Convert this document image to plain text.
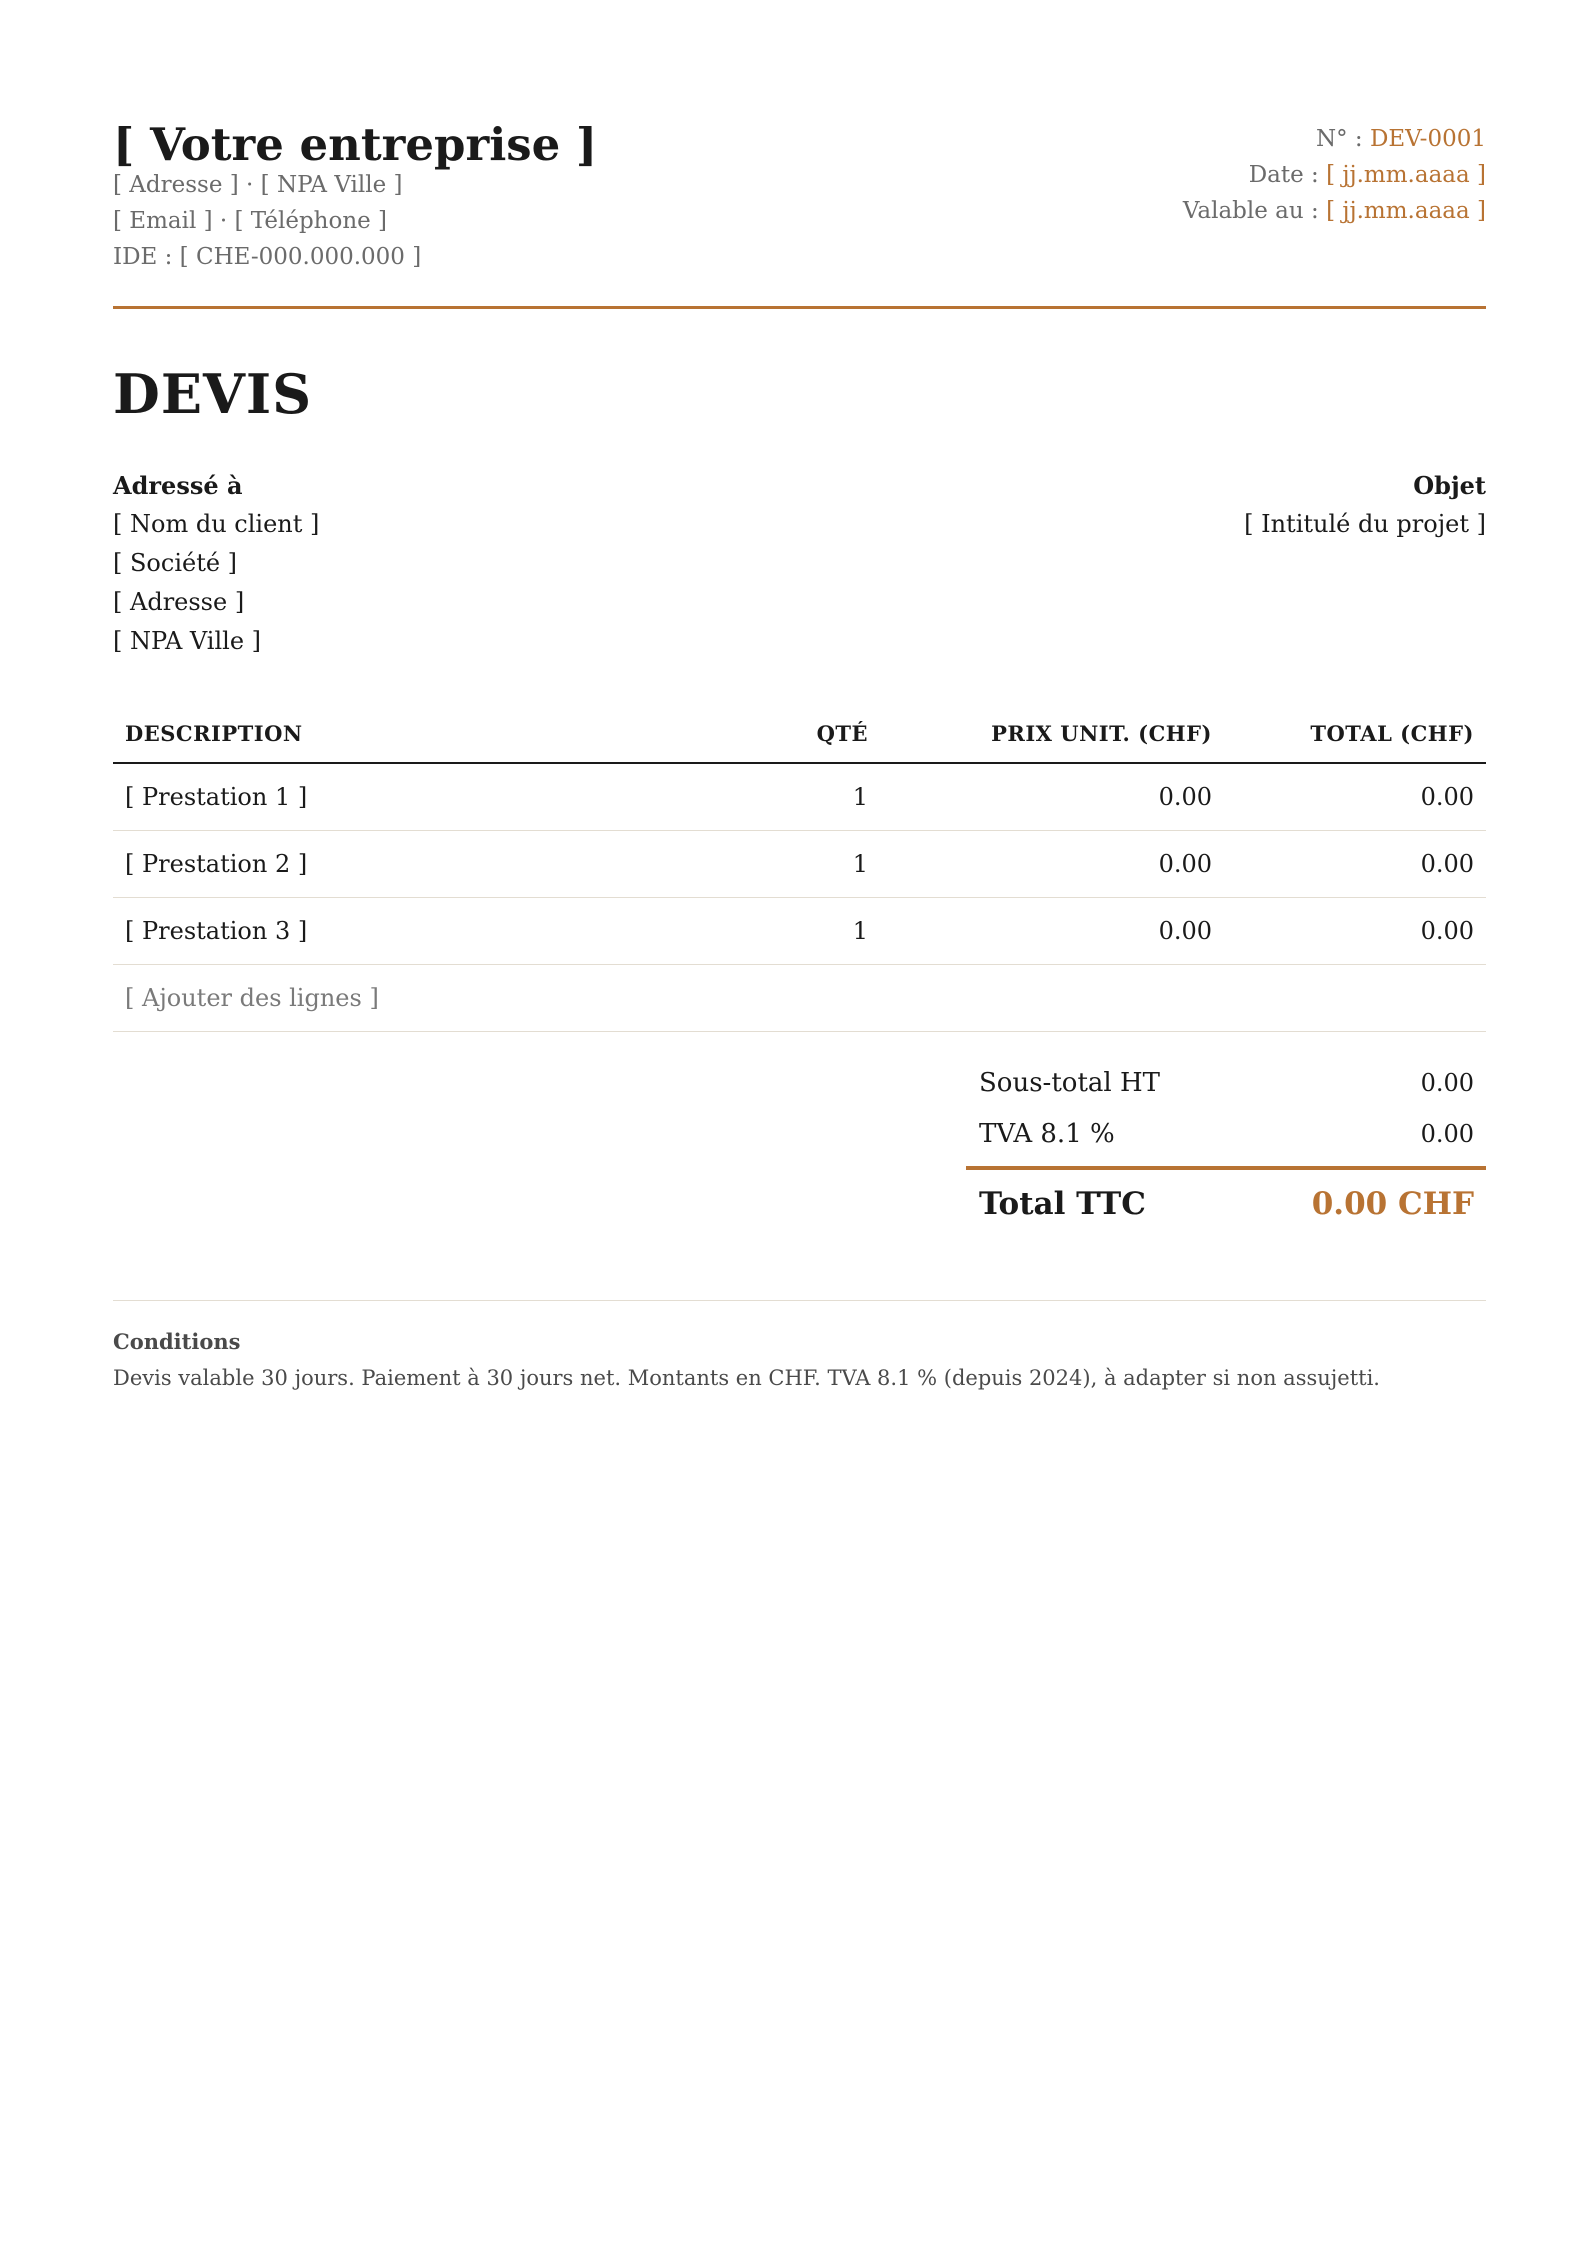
[ Votre entreprise ]
[ Adresse ] · [ NPA Ville ]
[ Email ] · [ Téléphone ]
IDE : [ CHE-000.000.000 ]
N° : DEV-0001
Date : [ jj.mm.aaaa ]
Valable au : [ jj.mm.aaaa ]
DEVIS
Adressé à
[ Nom du client ]
[ Société ]
[ Adresse ]
[ NPA Ville ]
Objet
[ Intitulé du projet ]
DESCRIPTION	QTÉ	PRIX UNIT. (CHF)	TOTAL (CHF)
[ Prestation 1 ]	1	0.00	0.00
[ Prestation 2 ]	1	0.00	0.00
[ Prestation 3 ]	1	0.00	0.00
[ Ajouter des lignes ]
Sous-total HT	0.00
TVA 8.1 %	0.00
Total TTC	0.00 CHF
Conditions
Devis valable 30 jours. Paiement à 30 jours net. Montants en CHF. TVA 8.1 % (depuis 2024), à adapter si non assujetti.
